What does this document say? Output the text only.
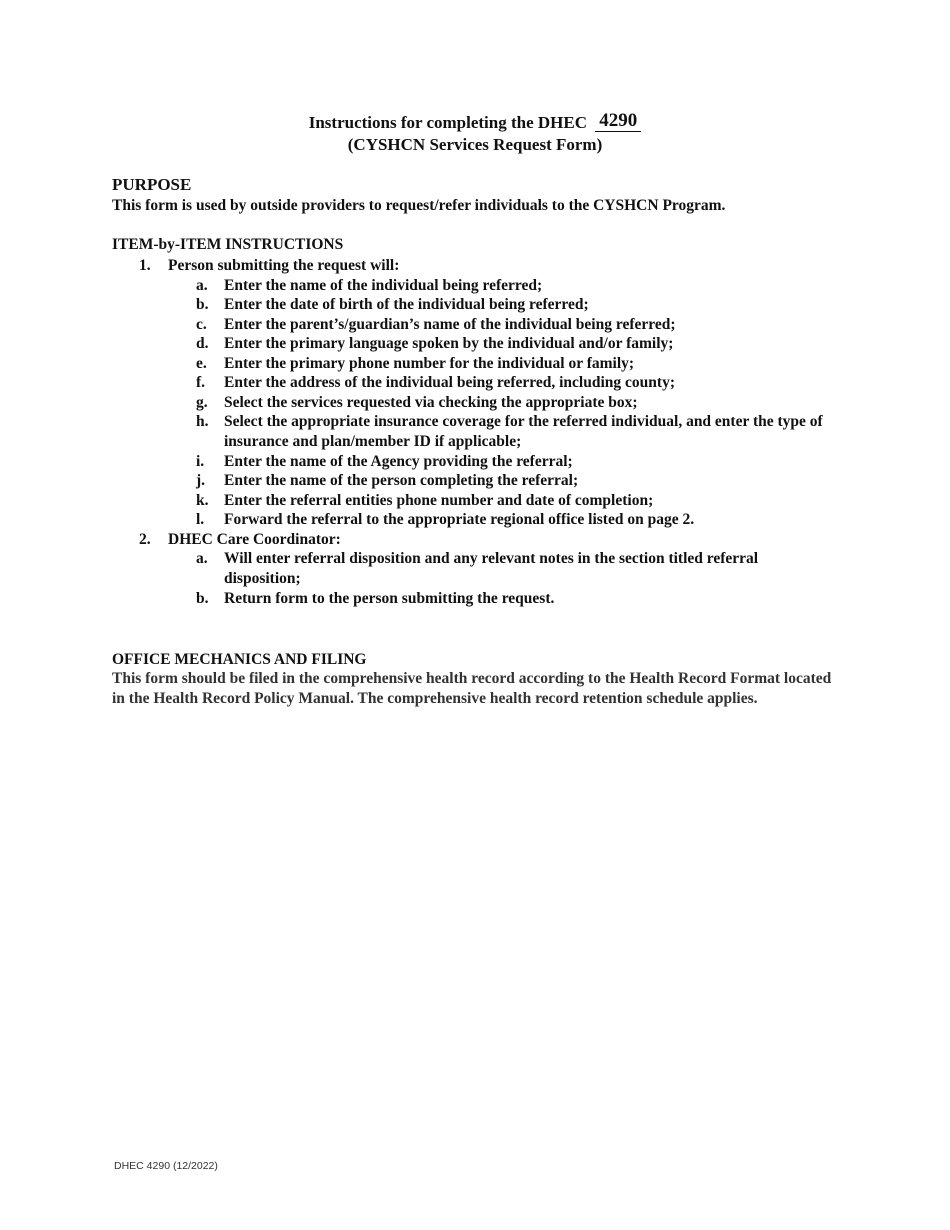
Instructions for completing the DHEC 4290
(CYSHCN Services Request Form)
PURPOSE
This form is used by outside providers to request/refer individuals to the CYSHCN Program.
ITEM-by-ITEM INSTRUCTIONS
1.	Person submitting the request will:
a.	Enter the name of the individual being referred;
b.	Enter the date of birth of the individual being referred;
c.	Enter the parent’s/guardian’s name of the individual being referred;
d.	Enter the primary language spoken by the individual and/or family;
e.	Enter the primary phone number for the individual or family;
f.	Enter the address of the individual being referred, including county;
g.	Select the services requested via checking the appropriate box;
h.	Select the appropriate insurance coverage for the referred individual, and enter the type of insurance and plan/member ID if applicable;
i.	Enter the name of the Agency providing the referral;
j.	Enter the name of the person completing the referral;
k.	Enter the referral entities phone number and date of completion;
l.	Forward the referral to the appropriate regional office listed on page 2.
2.	DHEC Care Coordinator:
a.	Will enter referral disposition and any relevant notes in the section titled referral disposition;
b.	Return form to the person submitting the request.
OFFICE MECHANICS AND FILING
This form should be filed in the comprehensive health record according to the Health Record Format located in the Health Record Policy Manual. The comprehensive health record retention schedule applies.
DHEC 4290 (12/2022)
